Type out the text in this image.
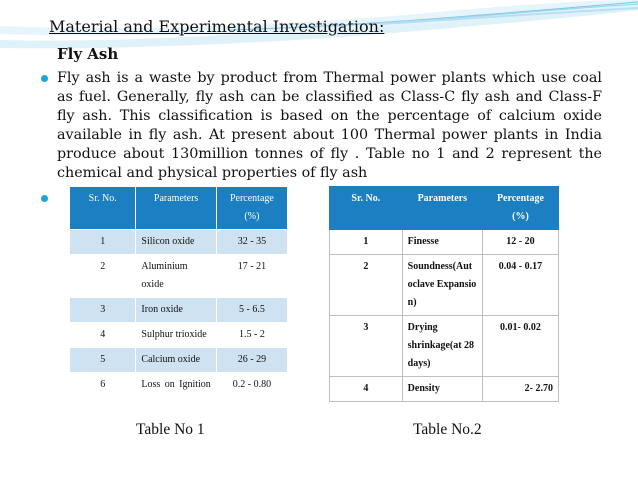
Material and Experimental Investigation:
Fly Ash

Fly ash is a waste by product from Thermal power plants which use coal as fuel. Generally, fly ash can be classified as Class-C fly ash and Class-F fly ash. This classification is based on the percentage of calcium oxide available in fly ash. At present about 100 Thermal power plants in India produce about 130million tonnes of fly . Table no 1 and 2 represent the chemical and physical properties of fly ash

Sr. No.	Parameters	Percentage (%)
1	Silicon oxide	32 - 35
2	Aluminium oxide	17 - 21
3	Iron oxide	5 - 6.5
4	Sulphur trioxide	1.5 - 2
5	Calcium oxide	26 - 29
6	Loss on Ignition	0.2 - 0.80
Sr. No.	Parameters	Percentage (%)
1	Finesse	12 - 20
2	Soundness(Autoclave Expansion)	0.04 - 0.17
3	Drying shrinkage(at 28 days)	0.01- 0.02
4	Density	2- 2.70

Table No 1	Table No.2
